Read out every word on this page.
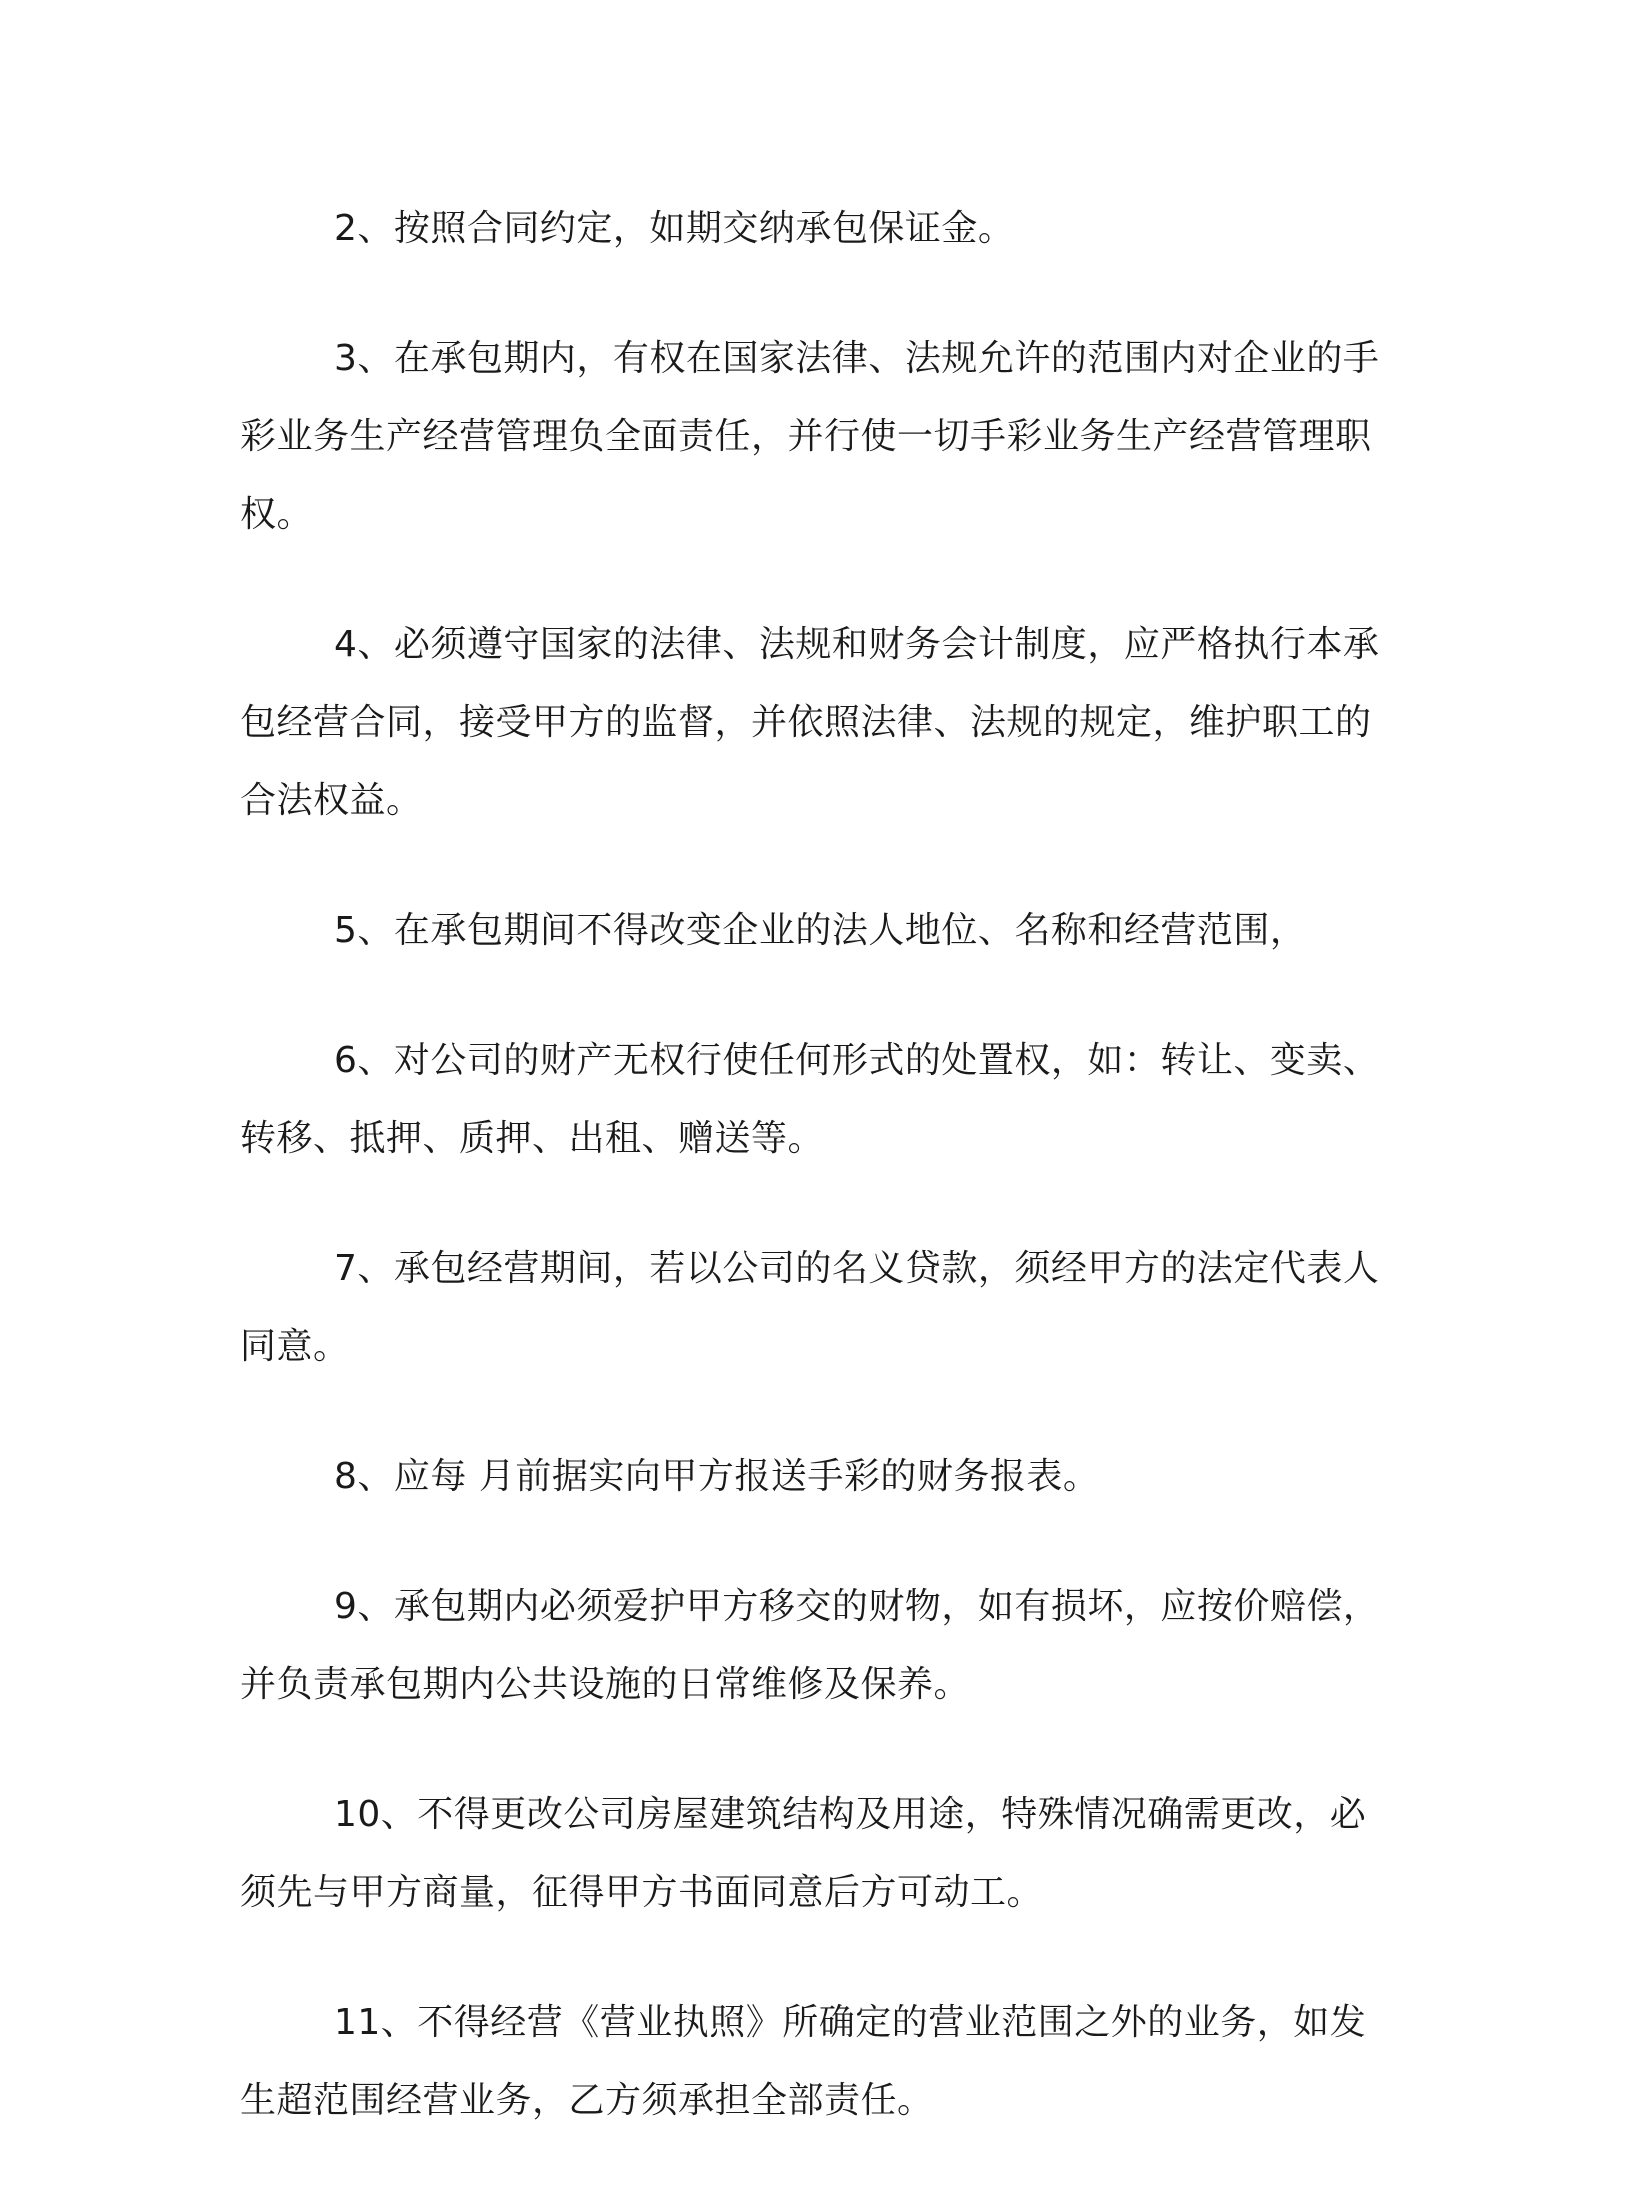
2、按照合同约定，如期交纳承包保证金。

3、在承包期内，有权在国家法律、法规允许的范围内对企业的手彩业务生产经营管理负全面责任，并行使一切手彩业务生产经营管理职权。

4、必须遵守国家的法律、法规和财务会计制度，应严格执行本承包经营合同，接受甲方的监督，并依照法律、法规的规定，维护职工的合法权益。

5、在承包期间不得改变企业的法人地位、名称和经营范围，

6、对公司的财产无权行使任何形式的处置权，如：转让、变卖、转移、抵押、质押、出租、赠送等。

7、承包经营期间，若以公司的名义贷款，须经甲方的法定代表人同意。

8、应每 月前据实向甲方报送手彩的财务报表。

9、承包期内必须爱护甲方移交的财物，如有损坏，应按价赔偿，并负责承包期内公共设施的日常维修及保养。

10、不得更改公司房屋建筑结构及用途，特殊情况确需更改，必须先与甲方商量，征得甲方书面同意后方可动工。

11、不得经营《营业执照》所确定的营业范围之外的业务，如发生超范围经营业务，乙方须承担全部责任。
